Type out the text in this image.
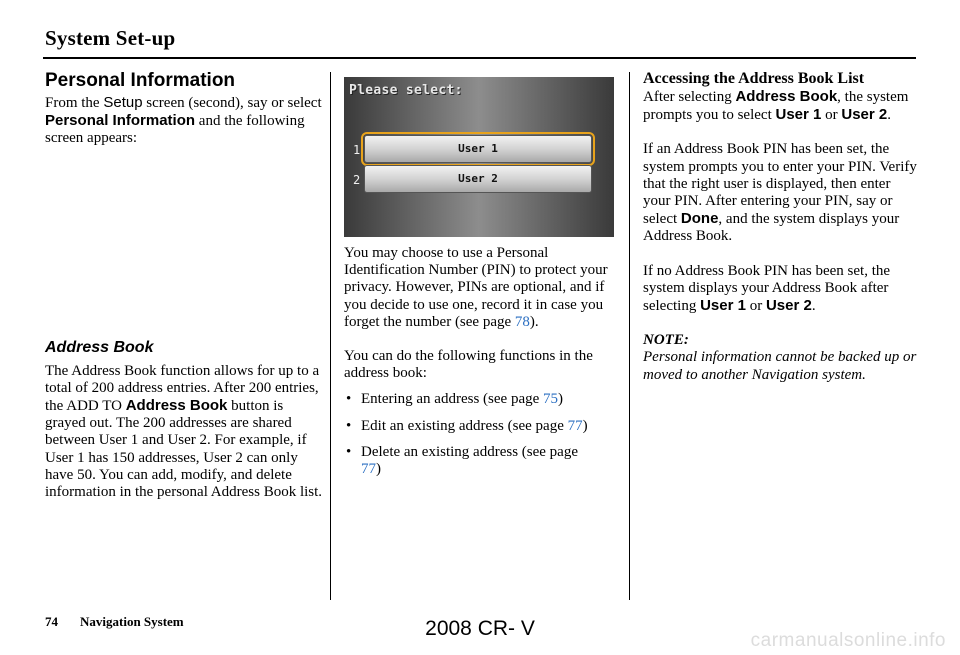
System Set-up

Personal Information

From the Setup screen (second), say or select Personal Information and the following screen appears:

Address Book

The Address Book function allows for up to a total of 200 address entries. After 200 entries, the ADD TO Address Book button is grayed out. The 200 addresses are shared between User 1 and User 2. For example, if User 1 has 150 addresses, User 2 can only have 50. You can add, modify, and delete information in the personal Address Book list.

Please select:
1	User 1
2	User 2

You may choose to use a Personal Identification Number (PIN) to protect your privacy. However, PINs are optional, and if you decide to use one, record it in case you forget the number (see page 78).

You can do the following functions in the address book:

• Entering an address (see page 75)
• Edit an existing address (see page 77)
• Delete an existing address (see page 77)

Accessing the Address Book List

After selecting Address Book, the system prompts you to select User 1 or User 2.

If an Address Book PIN has been set, the system prompts you to enter your PIN. Verify that the right user is displayed, then enter your PIN. After entering your PIN, say or select Done, and the system displays your Address Book.

If no Address Book PIN has been set, the system displays your Address Book after selecting User 1 or User 2.

NOTE:

Personal information cannot be backed up or moved to another Navigation system.

74 Navigation System	2008 CR- V
carmanualsonline.info
